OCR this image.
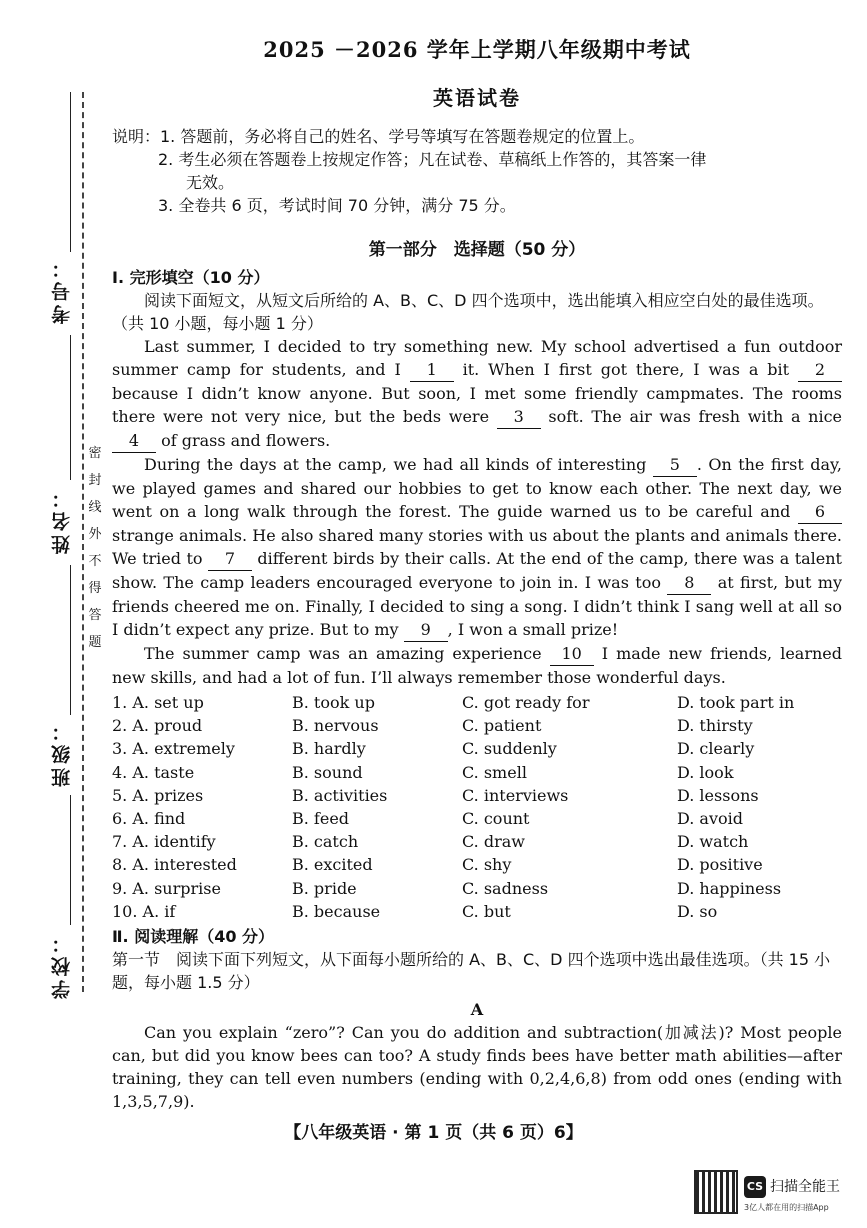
考号：
姓名：
班级：
学校：
密
封
线
外
不
得
答
题
2025 －2026 学年上学期八年级期中考试
英语试卷
说明：1. 答题前，务必将自己的姓名、学号等填写在答题卷规定的位置上。
2. 考生必须在答题卷上按规定作答；凡在试卷、草稿纸上作答的，其答案一律
无效。
3. 全卷共 6 页，考试时间 70 分钟，满分 75 分。
第一部分　选择题（50 分）
Ⅰ. 完形填空（10 分）
阅读下面短文，从短文后所给的 A、B、C、D 四个选项中，选出能填入相应空白处的最佳选项。（共 10 小题，每小题 1 分）

Last summer, I decided to try something new. My school advertised a fun outdoor summer camp for students, and I 1 it. When I first got there, I was a bit 2 because I didn’t know anyone. But soon, I met some friendly campmates. The rooms there were not very nice, but the beds were 3 soft. The air was fresh with a nice 4 of grass and flowers.

During the days at the camp, we had all kinds of interesting 5 . On the first day, we played games and shared our hobbies to get to know each other. The next day, we went on a long walk through the forest. The guide warned us to be careful and 6 strange animals. He also shared many stories with us about the plants and animals there. We tried to 7 different birds by their calls. At the end of the camp, there was a talent show. The camp leaders encouraged everyone to join in. I was too 8 at first, but my friends cheered me on. Finally, I decided to sing a song. I didn’t think I sang well at all so I didn’t expect any prize. But to my 9 , I won a small prize!

The summer camp was an amazing experience 10 I made new friends, learned new skills, and had a lot of fun. I’ll always remember those wonderful days.

1. A. set up	B. took up	C. got ready for	D. took part in
2. A. proud	B. nervous	C. patient	D. thirsty
3. A. extremely	B. hardly	C. suddenly	D. clearly
4. A. taste	B. sound	C. smell	D. look
5. A. prizes	B. activities	C. interviews	D. lessons
6. A. find	B. feed	C. count	D. avoid
7. A. identify	B. catch	C. draw	D. watch
8. A. interested	B. excited	C. shy	D. positive
9. A. surprise	B. pride	C. sadness	D. happiness
10. A. if	B. because	C. but	D. so
Ⅱ. 阅读理解（40 分）
第一节　阅读下面下列短文，从下面每小题所给的 A、B、C、D 四个选项中选出最佳选项。（共 15 小题，每小题 1.5 分）
A

Can you explain “zero”? Can you do addition and subtraction(加减法)? Most people can, but did you know bees can too? A study finds bees have better math abilities—after training, they can tell even numbers (ending with 0,2,4,6,8) from odd ones (ending with 1,3,5,7,9).

【八年级英语 · 第 1 页（共 6 页）6】
CS 扫描全能王
3亿人都在用的扫描App
